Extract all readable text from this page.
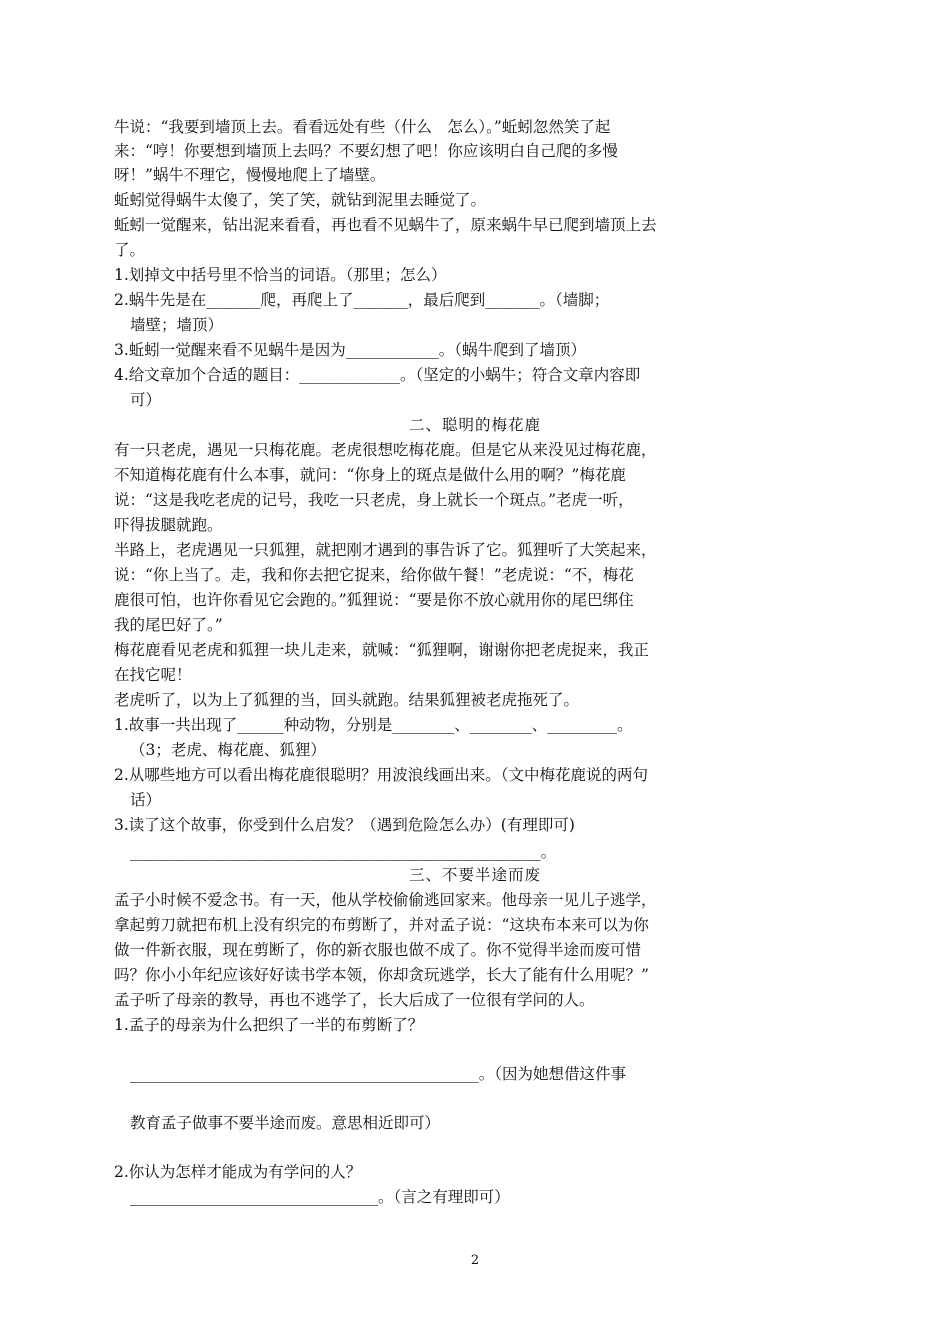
牛说：“我要到墙顶上去。看看远处有些（什么　怎么）。”蚯蚓忽然笑了起
来：“哼！你要想到墙顶上去吗？不要幻想了吧！你应该明白自己爬的多慢
呀！”蜗牛不理它，慢慢地爬上了墙壁。
蚯蚓觉得蜗牛太傻了，笑了笑，就钻到泥里去睡觉了。
蚯蚓一觉醒来，钻出泥来看看，再也看不见蜗牛了，原来蜗牛早已爬到墙顶上去
了。
1.划掉文中括号里不恰当的词语。（那里；怎么）
2.蜗牛先是在_______爬，再爬上了_______，最后爬到_______。（墙脚；
墙壁；墙顶）
3.蚯蚓一觉醒来看不见蜗牛是因为____________。（蜗牛爬到了墙顶）
4.给文章加个合适的题目：_____________。（坚定的小蜗牛；符合文章内容即
可）
二、聪明的梅花鹿
有一只老虎，遇见一只梅花鹿。老虎很想吃梅花鹿。但是它从来没见过梅花鹿，
不知道梅花鹿有什么本事，就问：“你身上的斑点是做什么用的啊？”梅花鹿
说：“这是我吃老虎的记号，我吃一只老虎，身上就长一个斑点。”老虎一听，
吓得拔腿就跑。
半路上，老虎遇见一只狐狸，就把刚才遇到的事告诉了它。狐狸听了大笑起来，
说：“你上当了。走，我和你去把它捉来，给你做午餐！”老虎说：“不，梅花
鹿很可怕，也许你看见它会跑的。”狐狸说：“要是你不放心就用你的尾巴绑住
我的尾巴好了。”
梅花鹿看见老虎和狐狸一块儿走来，就喊：“狐狸啊，谢谢你把老虎捉来，我正
在找它呢！
老虎听了，以为上了狐狸的当，回头就跑。结果狐狸被老虎拖死了。
1.故事一共出现了______种动物，分别是________、________、_________。
（3；老虎、梅花鹿、狐狸）
2.从哪些地方可以看出梅花鹿很聪明？用波浪线画出来。（文中梅花鹿说的两句
话）
3.读了这个故事，你受到什么启发？（遇到危险怎么办）(有理即可)
_____________________________________________________。
三、不要半途而废
孟子小时候不爱念书。有一天，他从学校偷偷逃回家来。他母亲一见儿子逃学，
拿起剪刀就把布机上没有织完的布剪断了，并对孟子说：“这块布本来可以为你
做一件新衣服，现在剪断了，你的新衣服也做不成了。你不觉得半途而废可惜
吗？你小小年纪应该好好读书学本领，你却贪玩逃学，长大了能有什么用呢？”
孟子听了母亲的教导，再也不逃学了，长大后成了一位很有学问的人。
1.孟子的母亲为什么把织了一半的布剪断了？
_____________________________________________。（因为她想借这件事
教育孟子做事不要半途而废。意思相近即可）
2.你认为怎样才能成为有学问的人？
________________________________。（言之有理即可）
2
